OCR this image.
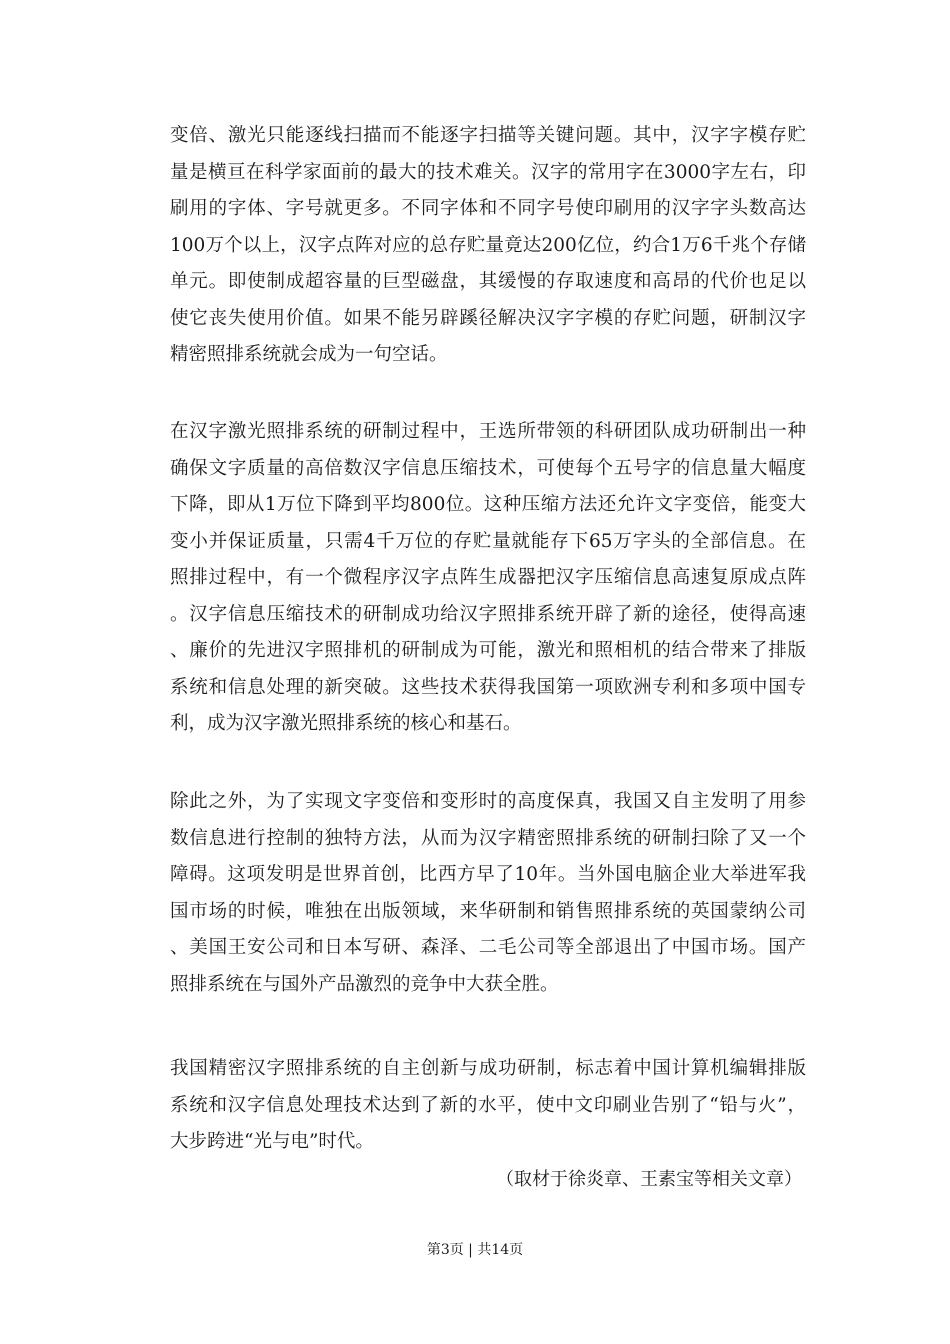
变倍、激光只能逐线扫描而不能逐字扫描等关键问题。其中，汉字字模存贮
量是横亘在科学家面前的最大的技术难关。汉字的常用字在3000字左右，印
刷用的字体、字号就更多。不同字体和不同字号使印刷用的汉字字头数高达
100万个以上，汉字点阵对应的总存贮量竟达200亿位，约合1万6千兆个存储
单元。即使制成超容量的巨型磁盘，其缓慢的存取速度和高昂的代价也足以
使它丧失使用价值。如果不能另辟蹊径解决汉字字模的存贮问题，研制汉字
精密照排系统就会成为一句空话。
在汉字激光照排系统的研制过程中，王选所带领的科研团队成功研制出一种
确保文字质量的高倍数汉字信息压缩技术，可使每个五号字的信息量大幅度
下降，即从1万位下降到平均800位。这种压缩方法还允许文字变倍，能变大
变小并保证质量，只需4千万位的存贮量就能存下65万字头的全部信息。在
照排过程中，有一个微程序汉字点阵生成器把汉字压缩信息高速复原成点阵
。汉字信息压缩技术的研制成功给汉字照排系统开辟了新的途径，使得高速
、廉价的先进汉字照排机的研制成为可能，激光和照相机的结合带来了排版
系统和信息处理的新突破。这些技术获得我国第一项欧洲专利和多项中国专
利，成为汉字激光照排系统的核心和基石。
除此之外，为了实现文字变倍和变形时的高度保真，我国又自主发明了用参
数信息进行控制的独特方法，从而为汉字精密照排系统的研制扫除了又一个
障碍。这项发明是世界首创，比西方早了10年。当外国电脑企业大举进军我
国市场的时候，唯独在出版领域，来华研制和销售照排系统的英国蒙纳公司
、美国王安公司和日本写研、森泽、二毛公司等全部退出了中国市场。国产
照排系统在与国外产品激烈的竞争中大获全胜。
我国精密汉字照排系统的自主创新与成功研制，标志着中国计算机编辑排版
系统和汉字信息处理技术达到了新的水平，使中文印刷业告别了“铅与火”，
大步跨进“光与电”时代。
（取材于徐炎章、王素宝等相关文章）
第3页 | 共14页
